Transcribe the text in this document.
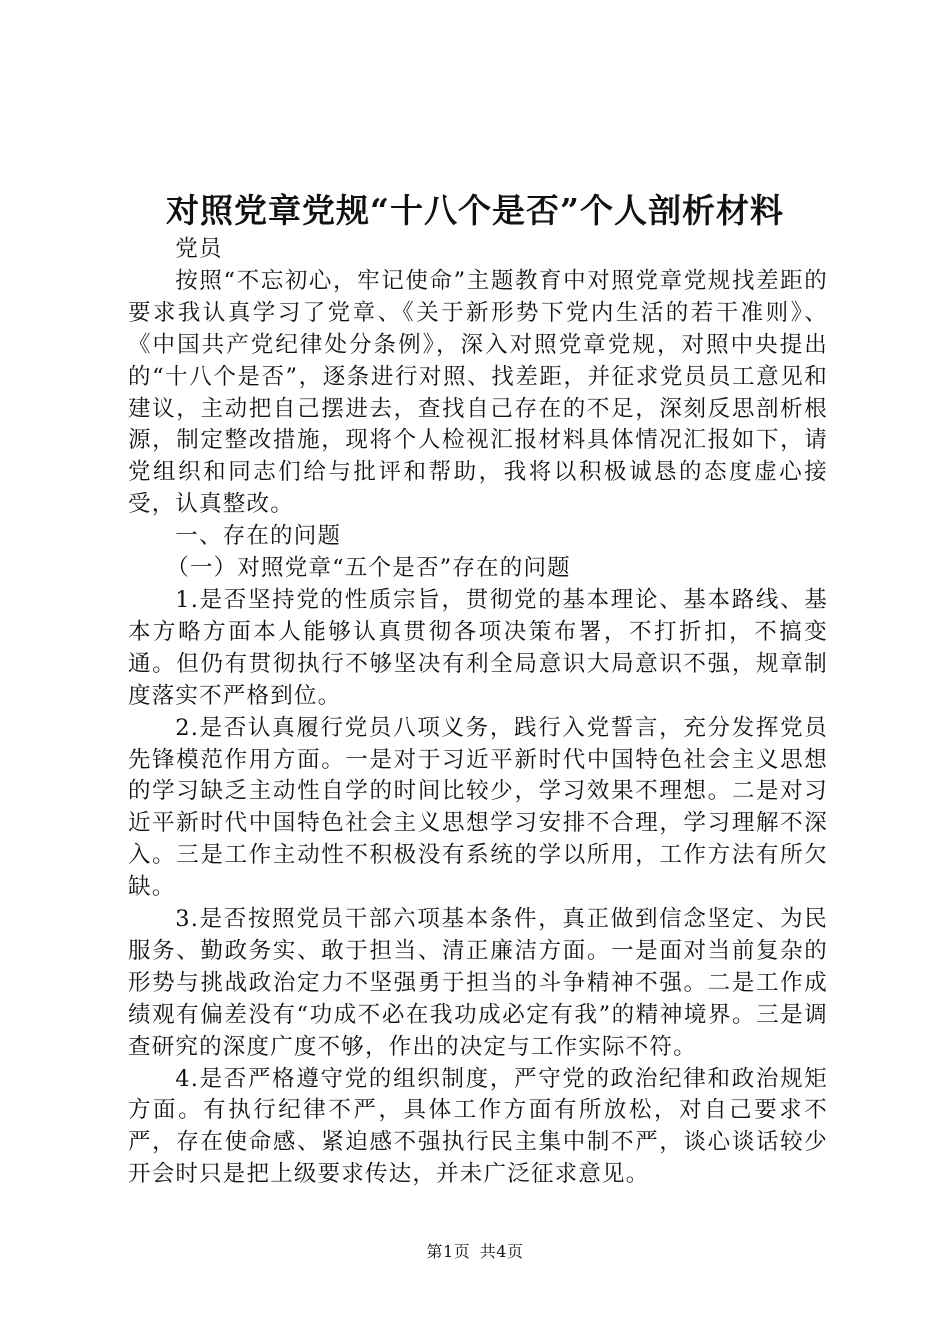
对照党章党规“十八个是否”个人剖析材料

党员

按照“不忘初心，牢记使命”主题教育中对照党章党规找差距的要求我认真学习了党章、《关于新形势下党内生活的若干准则》、《中国共产党纪律处分条例》，深入对照党章党规，对照中央提出的“十八个是否”，逐条进行对照、找差距，并征求党员员工意见和建议，主动把自己摆进去，查找自己存在的不足，深刻反思剖析根源，制定整改措施，现将个人检视汇报材料具体情况汇报如下，请党组织和同志们给与批评和帮助，我将以积极诚恳的态度虚心接受，认真整改。

一、存在的问题

（一）对照党章“五个是否”存在的问题

1.是否坚持党的性质宗旨，贯彻党的基本理论、基本路线、基本方略方面本人能够认真贯彻各项决策布署，不打折扣，不搞变通。但仍有贯彻执行不够坚决有利全局意识大局意识不强，规章制度落实不严格到位。

2.是否认真履行党员八项义务，践行入党誓言，充分发挥党员先锋模范作用方面。一是对于习近平新时代中国特色社会主义思想的学习缺乏主动性自学的时间比较少，学习效果不理想。二是对习近平新时代中国特色社会主义思想学习安排不合理，学习理解不深入。三是工作主动性不积极没有系统的学以所用，工作方法有所欠缺。

3.是否按照党员干部六项基本条件，真正做到信念坚定、为民服务、勤政务实、敢于担当、清正廉洁方面。一是面对当前复杂的形势与挑战政治定力不坚强勇于担当的斗争精神不强。二是工作成绩观有偏差没有“功成不必在我功成必定有我”的精神境界。三是调查研究的深度广度不够，作出的决定与工作实际不符。

4.是否严格遵守党的组织制度，严守党的政治纪律和政治规矩方面。有执行纪律不严，具体工作方面有所放松，对自己要求不严，存在使命感、紧迫感不强执行民主集中制不严，谈心谈话较少开会时只是把上级要求传达，并未广泛征求意见。

第1页 共4页
